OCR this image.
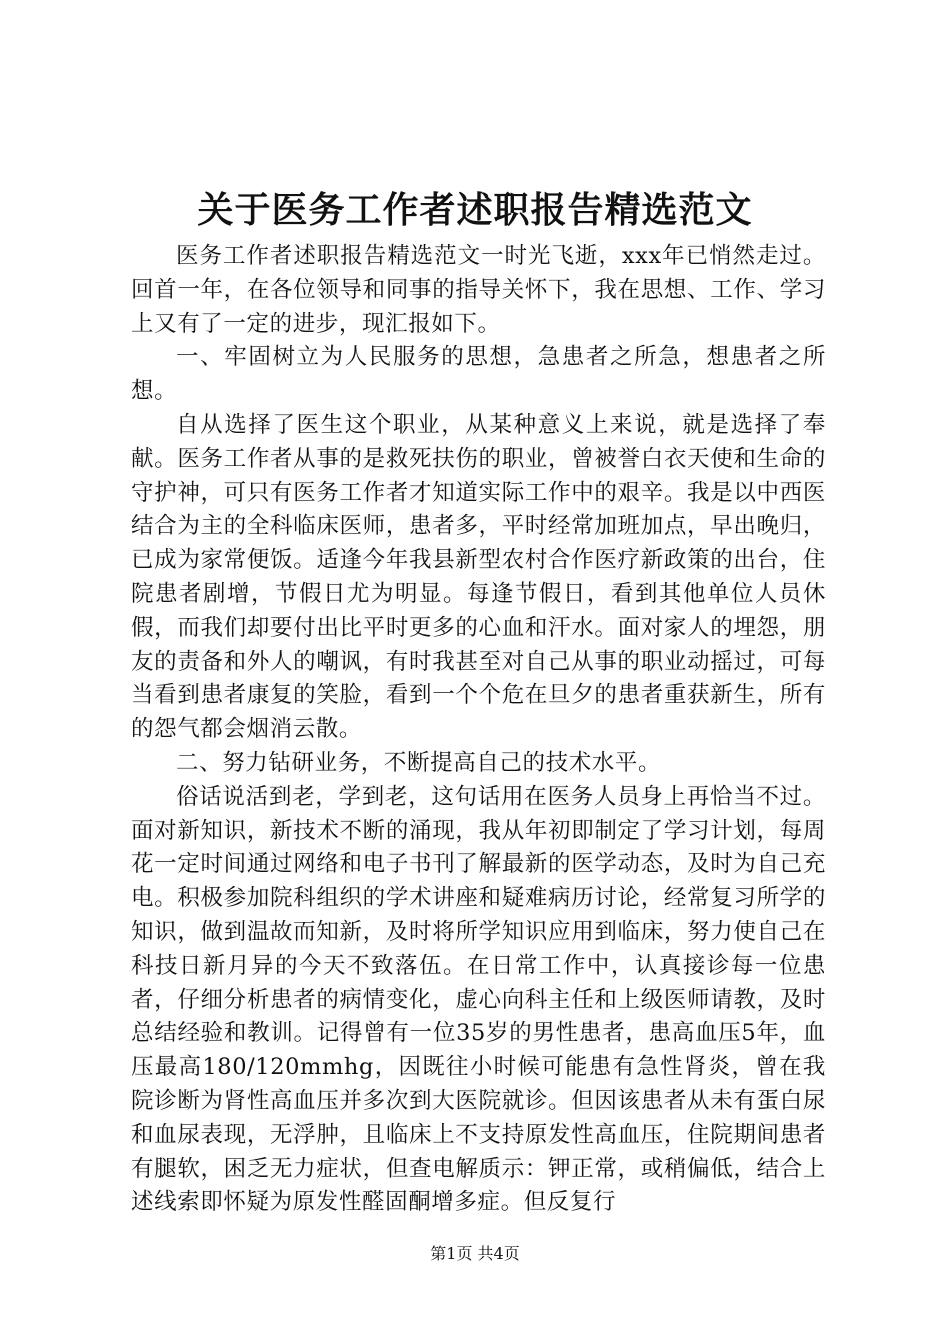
关于医务工作者述职报告精选范文

医务工作者述职报告精选范文一时光飞逝，xxx年已悄然走过。回首一年，在各位领导和同事的指导关怀下，我在思想、工作、学习上又有了一定的进步，现汇报如下。

一、牢固树立为人民服务的思想，急患者之所急，想患者之所想。

自从选择了医生这个职业，从某种意义上来说，就是选择了奉献。医务工作者从事的是救死扶伤的职业，曾被誉白衣天使和生命的守护神，可只有医务工作者才知道实际工作中的艰辛。我是以中西医结合为主的全科临床医师，患者多，平时经常加班加点，早出晚归，已成为家常便饭。适逢今年我县新型农村合作医疗新政策的出台，住院患者剧增，节假日尤为明显。每逢节假日，看到其他单位人员休假，而我们却要付出比平时更多的心血和汗水。面对家人的埋怨，朋友的责备和外人的嘲讽，有时我甚至对自己从事的职业动摇过，可每当看到患者康复的笑脸，看到一个个危在旦夕的患者重获新生，所有的怨气都会烟消云散。

二、努力钻研业务，不断提高自己的技术水平。

俗话说活到老，学到老，这句话用在医务人员身上再恰当不过。面对新知识，新技术不断的涌现，我从年初即制定了学习计划，每周花一定时间通过网络和电子书刊了解最新的医学动态，及时为自己充电。积极参加院科组织的学术讲座和疑难病历讨论，经常复习所学的知识，做到温故而知新，及时将所学知识应用到临床，努力使自己在科技日新月异的今天不致落伍。在日常工作中，认真接诊每一位患者，仔细分析患者的病情变化，虚心向科主任和上级医师请教，及时总结经验和教训。记得曾有一位35岁的男性患者，患高血压5年，血压最高180/120mmhg，因既往小时候可能患有急性肾炎，曾在我院诊断为肾性高血压并多次到大医院就诊。但因该患者从未有蛋白尿和血尿表现，无浮肿，且临床上不支持原发性高血压，住院期间患者有腿软，困乏无力症状，但查电解质示：钾正常，或稍偏低，结合上述线索即怀疑为原发性醛固酮增多症。但反复行

第1页 共4页
